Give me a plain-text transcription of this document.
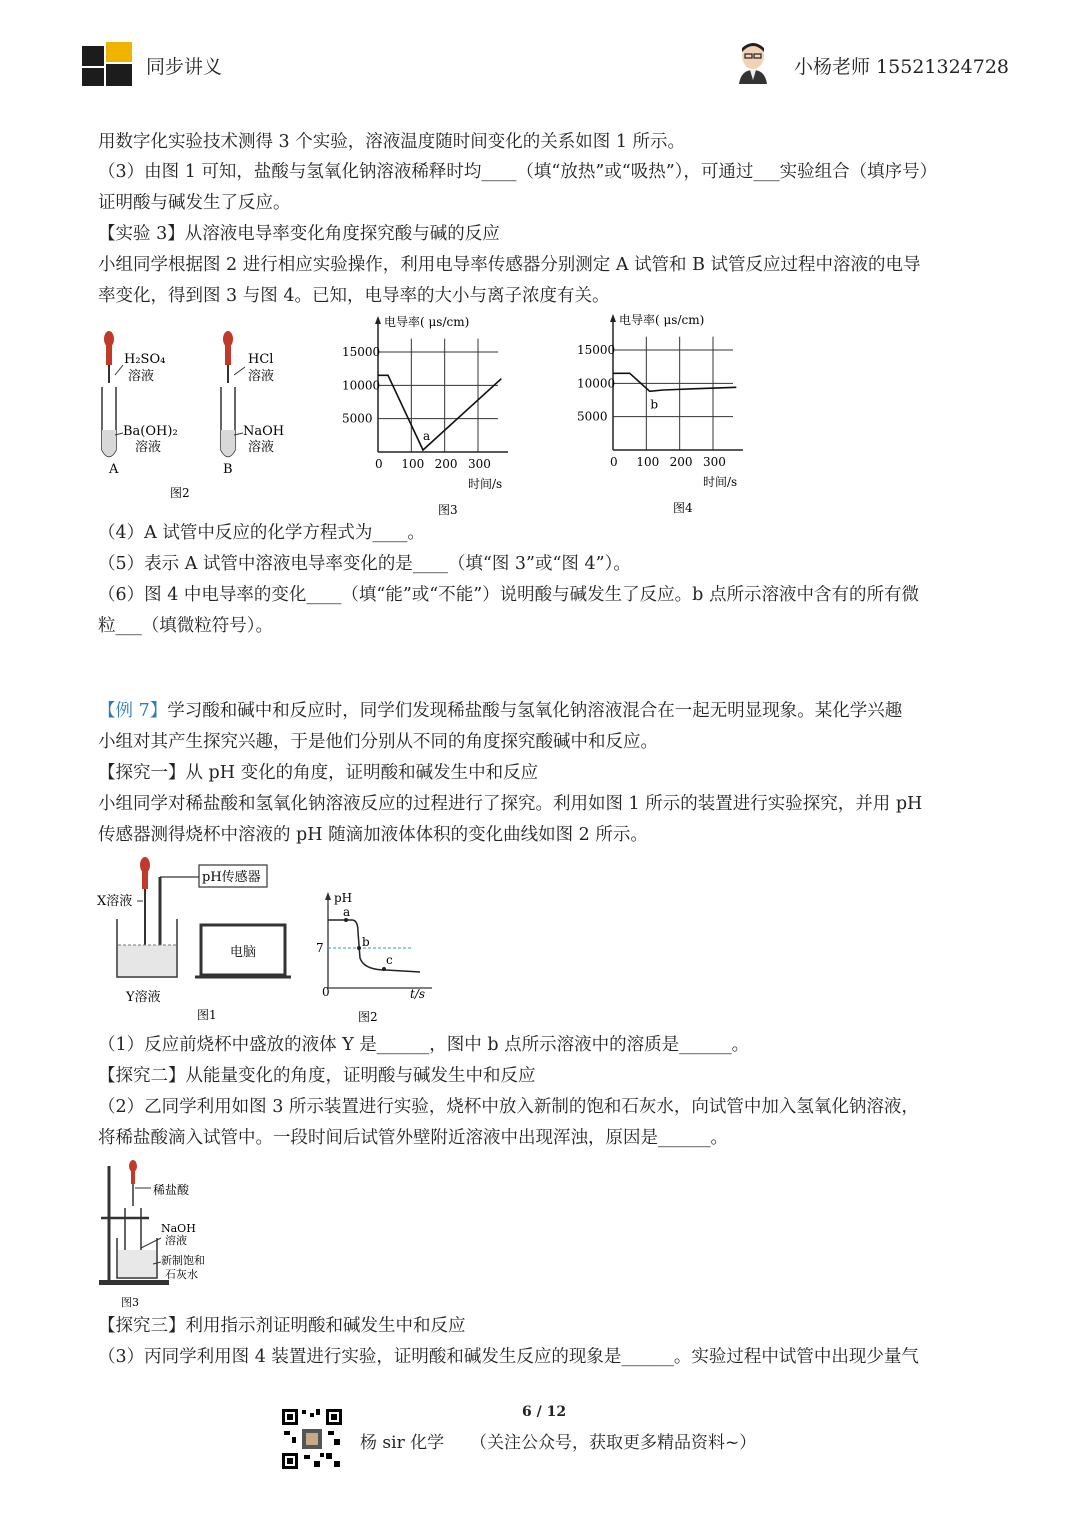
同步讲义	小杨老师 15521324728
用数字化实验技术测得 3 个实验，溶液温度随时间变化的关系如图 1 所示。
（3）由图 1 可知，盐酸与氢氧化钠溶液稀释时均____（填“放热”或“吸热”），可通过___实验组合（填序号）
证明酸与碱发生了反应。
【实验 3】从溶液电导率变化角度探究酸与碱的反应
小组同学根据图 2 进行相应实验操作，利用电导率传感器分别测定 A 试管和 B 试管反应过程中溶液的电导
率变化，得到图 3 与图 4。已知，电导率的大小与离子浓度有关。
H₂SO₄
溶液
Ba(OH)₂
溶液
A
HCl
溶液
NaOH
溶液
B
图2
0 100 200 300
5000
10000
15000
电导率( μs/cm)
时间/s
图3
a
0 100 200 300
5000
10000
15000
电导率( μs/cm)
时间/s
图4
b
（4）A 试管中反应的化学方程式为____。
（5）表示 A 试管中溶液电导率变化的是____（填“图 3”或“图 4”）。
（6）图 4 中电导率的变化____（填“能”或“不能”）说明酸与碱发生了反应。b 点所示溶液中含有的所有微
粒___（填微粒符号）。
【例 7】学习酸和碱中和反应时，同学们发现稀盐酸与氢氧化钠溶液混合在一起无明显现象。某化学兴趣
小组对其产生探究兴趣，于是他们分别从不同的角度探究酸碱中和反应。
【探究一】从 pH 变化的角度，证明酸和碱发生中和反应
小组同学对稀盐酸和氢氧化钠溶液反应的过程进行了探究。利用如图 1 所示的装置进行实验探究，并用 pH
传感器测得烧杯中溶液的 pH 随滴加液体体积的变化曲线如图 2 所示。
pH传感器
X溶液
Y溶液
电脑
图1
pH
7
0	t/s
a
b
c
图2
（1）反应前烧杯中盛放的液体 Y 是______，图中 b 点所示溶液中的溶质是______。
【探究二】从能量变化的角度，证明酸与碱发生中和反应
（2）乙同学利用如图 3 所示装置进行实验，烧杯中放入新制的饱和石灰水，向试管中加入氢氧化钠溶液，
将稀盐酸滴入试管中。一段时间后试管外壁附近溶液中出现浑浊，原因是______。
稀盐酸
NaOH
溶液
新制饱和
石灰水
图3
【探究三】利用指示剂证明酸和碱发生中和反应
（3）丙同学利用图 4 装置进行实验，证明酸和碱发生反应的现象是______。实验过程中试管中出现少量气
6 / 12
杨 sir 化学 （关注公众号，获取更多精品资料~）
